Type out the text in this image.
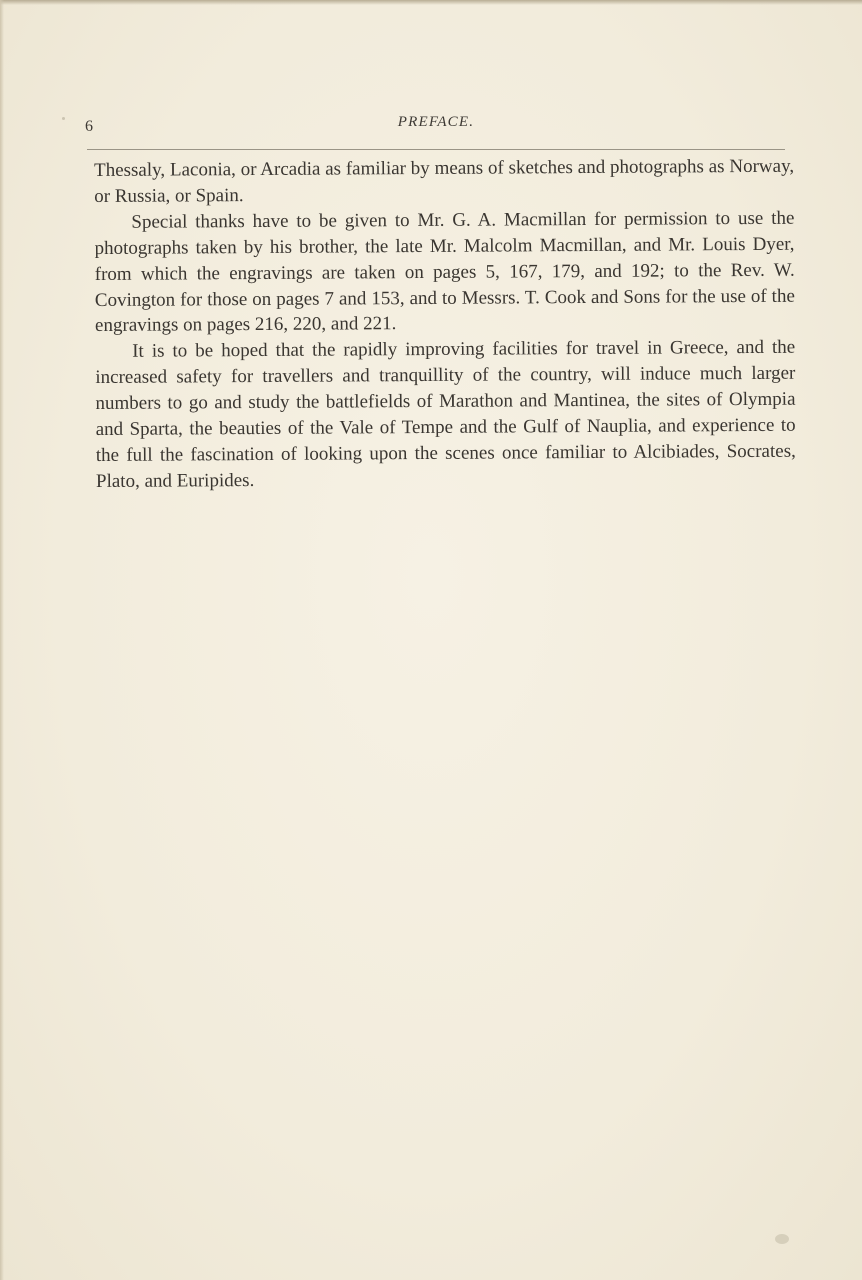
6	PREFACE.

Thessaly, Laconia, or Arcadia as familiar by means of sketches and photographs as Norway, or Russia, or Spain.

Special thanks have to be given to Mr. G. A. Macmillan for permission to use the photographs taken by his brother, the late Mr. Malcolm Macmillan, and Mr. Louis Dyer, from which the engravings are taken on pages 5, 167, 179, and 192; to the Rev. W. Covington for those on pages 7 and 153, and to Messrs. T. Cook and Sons for the use of the engravings on pages 216, 220, and 221.

It is to be hoped that the rapidly improving facilities for travel in Greece, and the increased safety for travellers and tranquillity of the country, will induce much larger numbers to go and study the battlefields of Marathon and Mantinea, the sites of Olympia and Sparta, the beauties of the Vale of Tempe and the Gulf of Nauplia, and experience to the full the fascination of looking upon the scenes once familiar to Alcibiades, Socrates, Plato, and Euripides.
